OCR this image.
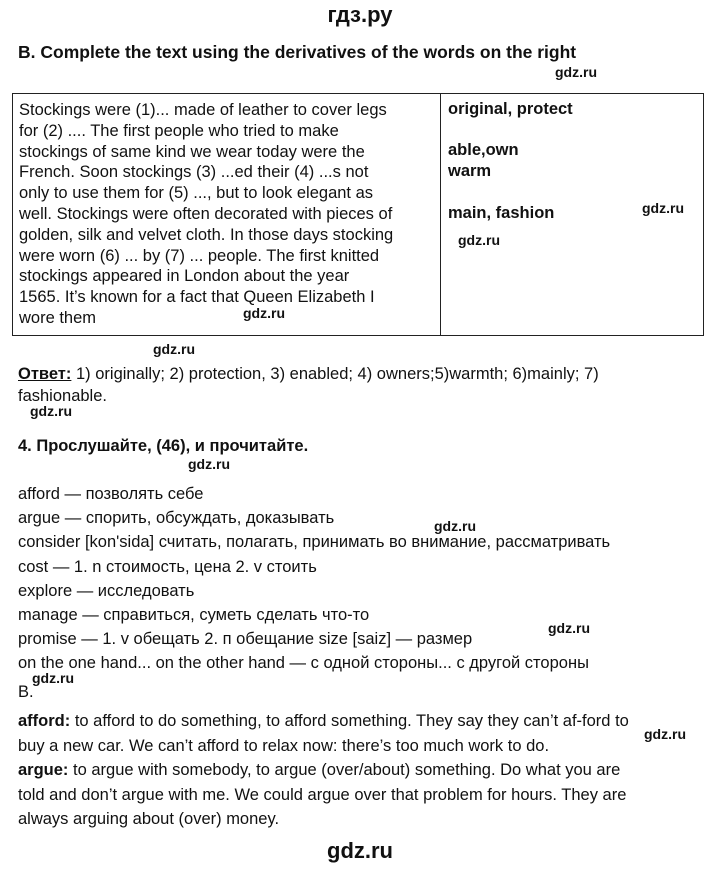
гдз.ру
B. Complete the text using the derivatives of the words on the right
gdz.ru
Stockings were (1)... made of leather to cover legs
for (2) .... The first people who tried to make
stockings of same kind we wear today were the
French. Soon stockings (3) ...ed their (4) ...s not
only to use them for (5) ..., but to look elegant as
well. Stockings were often decorated with pieces of
golden, silk and velvet cloth. In those days stocking
were worn (6) ... by (7) ... people. The first knitted
stockings appeared in London about the year
1565. It’s known for a fact that Queen Elizabeth I
wore them

original, protect
able,own
warm
main, fashion	gdz.ru
gdz.ru
gdz.ru
gdz.ru
Ответ: 1) originally; 2) protection, 3) enabled; 4) owners;5)warmth; 6)mainly; 7)
fashionable.
gdz.ru
4. Прослушайте, (46), и прочитайте.
gdz.ru
afford — позволять себе
argue — спорить, обсуждать, доказывать
consider [kon'sida] считать, полагать, принимать во внимание, рассматривать
cost — 1. n стоимость, цена 2. v стоить
explore — исследовать
manage — справиться, суметь сделать что-то
promise — 1. v обещать 2. п обещание size [saiz] — размер
on the one hand... on the other hand — с одной стороны... с другой стороны
gdz.ru
gdz.ru
gdz.ru
B.
afford: to afford to do something, to afford something. They say they can’t af-ford to
buy a new car. We can’t afford to relax now: there’s too much work to do.
argue: to argue with somebody, to argue (over/about) something. Do what you are
told and don’t argue with me. We could argue over that problem for hours. They are
always arguing about (over) money.
gdz.ru
gdz.ru
